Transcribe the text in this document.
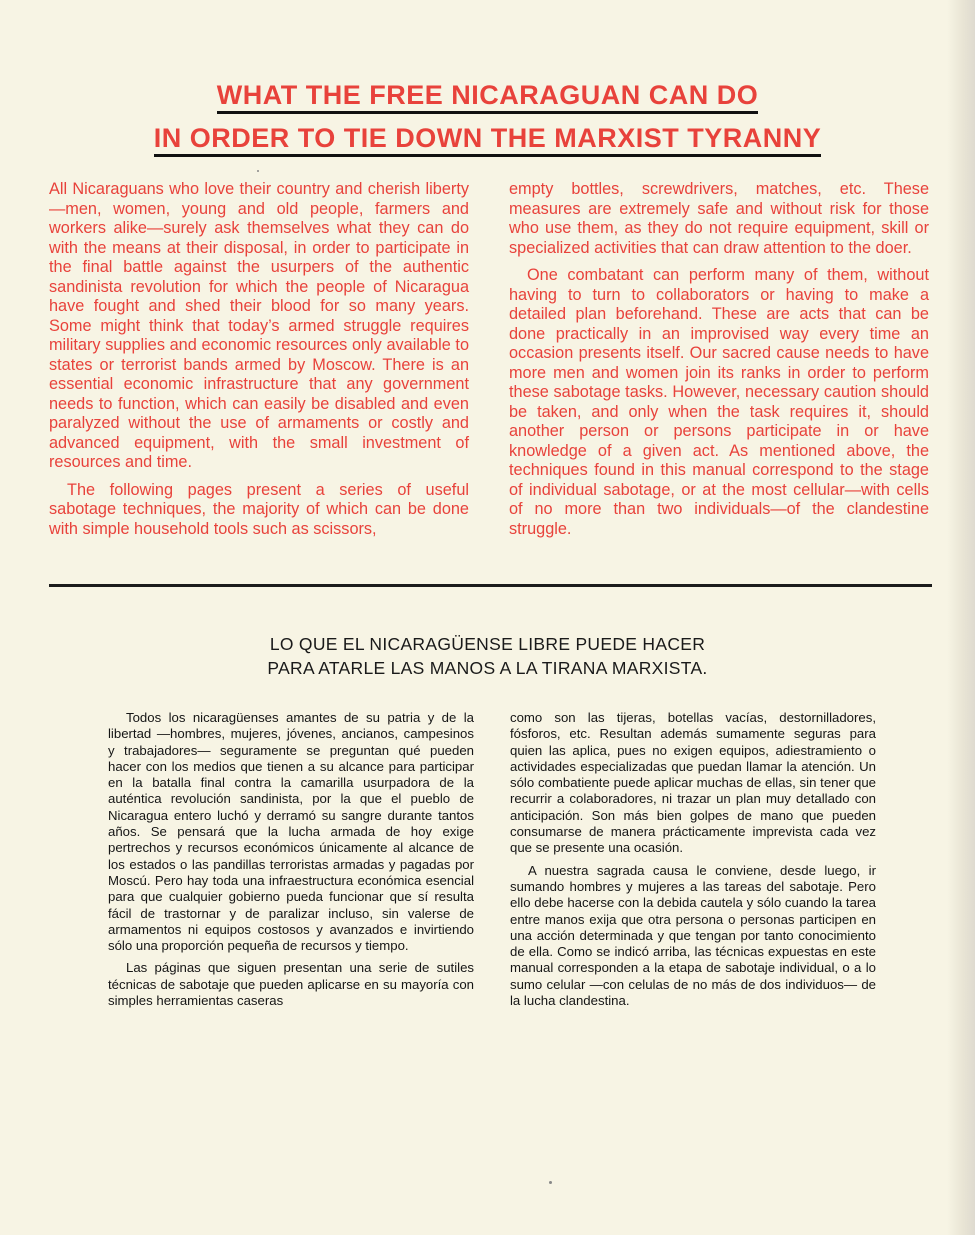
WHAT THE FREE NICARAGUAN CAN DO
IN ORDER TO TIE DOWN THE MARXIST TYRANNY

All Nicaraguans who love their country and cherish liberty—men, women, young and old people, farmers and workers alike—surely ask themselves what they can do with the means at their disposal, in order to participate in the final battle against the usurpers of the authentic sandinista revolution for which the people of Nicaragua have fought and shed their blood for so many years. Some might think that today’s armed struggle requires military supplies and economic resources only available to states or terrorist bands armed by Moscow. There is an essential economic infrastructure that any government needs to function, which can easily be disabled and even paralyzed without the use of armaments or costly and advanced equipment, with the small investment of resources and time.

The following pages present a series of useful sabotage techniques, the majority of which can be done with simple household tools such as scissors,

empty bottles, screwdrivers, matches, etc. These measures are extremely safe and without risk for those who use them, as they do not require equipment, skill or specialized activities that can draw attention to the doer.

One combatant can perform many of them, without having to turn to collaborators or having to make a detailed plan beforehand. These are acts that can be done practically in an improvised way every time an occasion presents itself. Our sacred cause needs to have more men and women join its ranks in order to perform these sabotage tasks. However, necessary caution should be taken, and only when the task requires it, should another person or persons participate in or have knowledge of a given act. As mentioned above, the techniques found in this manual correspond to the stage of individual sabotage, or at the most cellular—with cells of no more than two individuals—of the clandestine struggle.

LO QUE EL NICARAGÜENSE LIBRE PUEDE HACER
PARA ATARLE LAS MANOS A LA TIRANA MARXISTA.

Todos los nicaragüenses amantes de su patria y de la libertad —hombres, mujeres, jóvenes, ancianos, campesinos y trabajadores— seguramente se preguntan qué pueden hacer con los medios que tienen a su alcance para participar en la batalla final contra la camarilla usurpadora de la auténtica revolución sandinista, por la que el pueblo de Nicaragua entero luchó y derramó su sangre durante tantos años. Se pensará que la lucha armada de hoy exige pertrechos y recursos económicos únicamente al alcance de los estados o las pandillas terroristas armadas y pagadas por Moscú. Pero hay toda una infraestructura económica esencial para que cualquier gobierno pueda funcionar que sí resulta fácil de trastornar y de paralizar incluso, sin valerse de armamentos ni equipos costosos y avanzados e invirtiendo sólo una proporción pequeña de recursos y tiempo.

Las páginas que siguen presentan una serie de sutiles técnicas de sabotaje que pueden aplicarse en su mayoría con simples herramientas caseras

como son las tijeras, botellas vacías, destornilladores, fósforos, etc. Resultan además sumamente seguras para quien las aplica, pues no exigen equipos, adiestramiento o actividades especializadas que puedan llamar la atención. Un sólo combatiente puede aplicar muchas de ellas, sin tener que recurrir a colaboradores, ni trazar un plan muy detallado con anticipación. Son más bien golpes de mano que pueden consumarse de manera prácticamente imprevista cada vez que se presente una ocasión.

A nuestra sagrada causa le conviene, desde luego, ir sumando hombres y mujeres a las tareas del sabotaje. Pero ello debe hacerse con la debida cautela y sólo cuando la tarea entre manos exija que otra persona o personas participen en una acción determinada y que tengan por tanto conocimiento de ella. Como se indicó arriba, las técnicas expuestas en este manual corresponden a la etapa de sabotaje individual, o a lo sumo celular —con celulas de no más de dos individuos— de la lucha clandestina.
